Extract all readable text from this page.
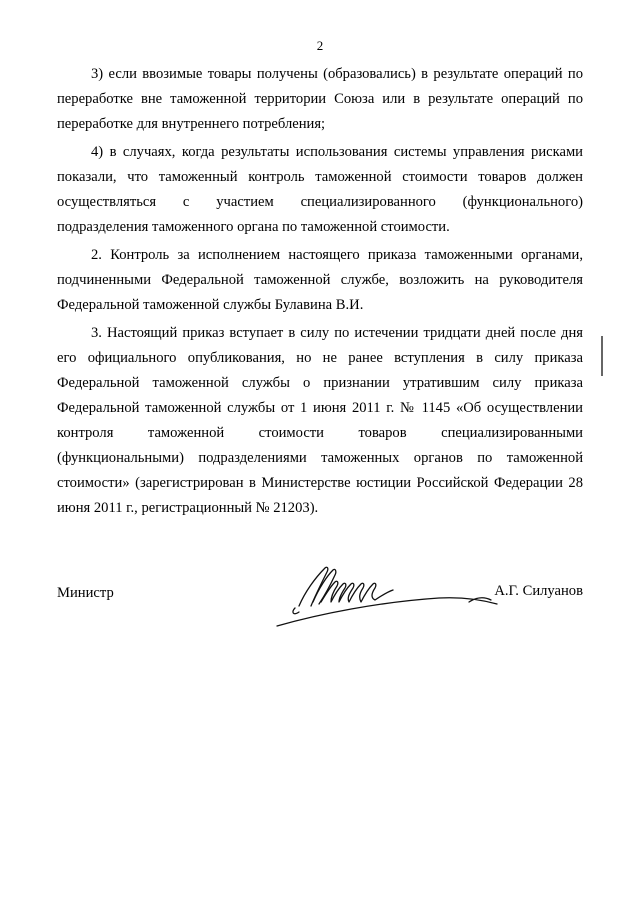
2

3) если ввозимые товары получены (образовались) в результате операций по переработке вне таможенной территории Союза или в результате операций по переработке для внутреннего потребления;

4) в случаях, когда результаты использования системы управления рисками показали, что таможенный контроль таможенной стоимости товаров должен осуществляться с участием специализированного (функционального) подразделения таможенного органа по таможенной стоимости.

2. Контроль за исполнением настоящего приказа таможенными органами, подчиненными Федеральной таможенной службе, возложить на руководителя Федеральной таможенной службы Булавина В.И.

3. Настоящий приказ вступает в силу по истечении тридцати дней после дня его официального опубликования, но не ранее вступления в силу приказа Федеральной таможенной службы о признании утратившим силу приказа Федеральной таможенной службы от 1 июня 2011 г. № 1145 «Об осуществлении контроля таможенной стоимости товаров специализированными (функциональными) подразделениями таможенных органов по таможенной стоимости» (зарегистрирован в Министерстве юстиции Российской Федерации 28 июня 2011 г., регистрационный № 21203).

Министр	А.Г. Силуанов
